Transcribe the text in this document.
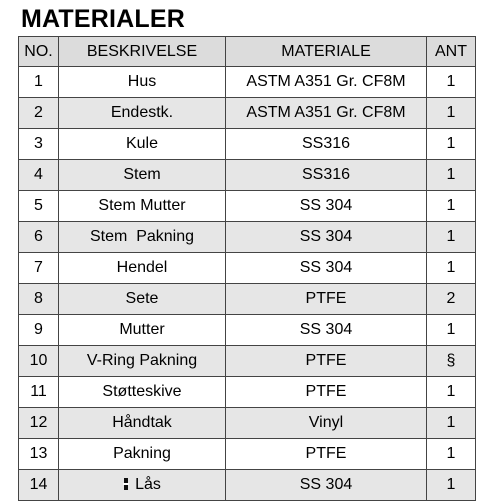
MATERIALER
NO.	BESKRIVELSE	MATERIALE	ANT
1	Hus	ASTM A351 Gr. CF8M	1
2	Endestk.	ASTM A351 Gr. CF8M	1
3	Kule	SS316	1
4	Stem	SS316	1
5	Stem Mutter	SS 304	1
6	Stem  Pakning	SS 304	1
7	Hendel	SS 304	1
8	Sete	PTFE	2
9	Mutter	SS 304	1
10	V-Ring Pakning	PTFE	§
11	Støtteskive	PTFE	1
12	Håndtak	Vinyl	1
13	Pakning	PTFE	1
14	Lås	SS 304	1
